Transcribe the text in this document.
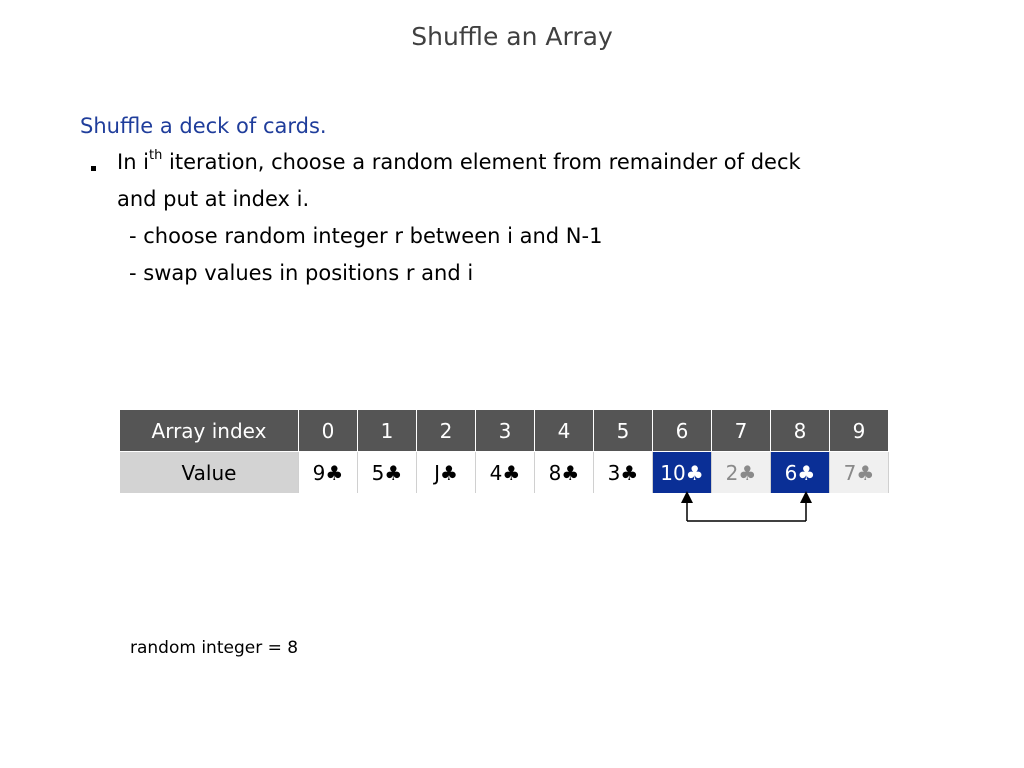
Shuffle an Array
Shuffle a deck of cards.
In $i^{th}$ iteration, choose a random element from remainder of deck
and put at index i.
- choose random integer r between i and N-1
- swap values in positions r and i
Array index	0	1	2	3	4	5	6	7	8	9
Value	9♣	5♣	J♣	4♣	8♣	3♣	10♣	2♣	6♣	7♣
random integer = 8
